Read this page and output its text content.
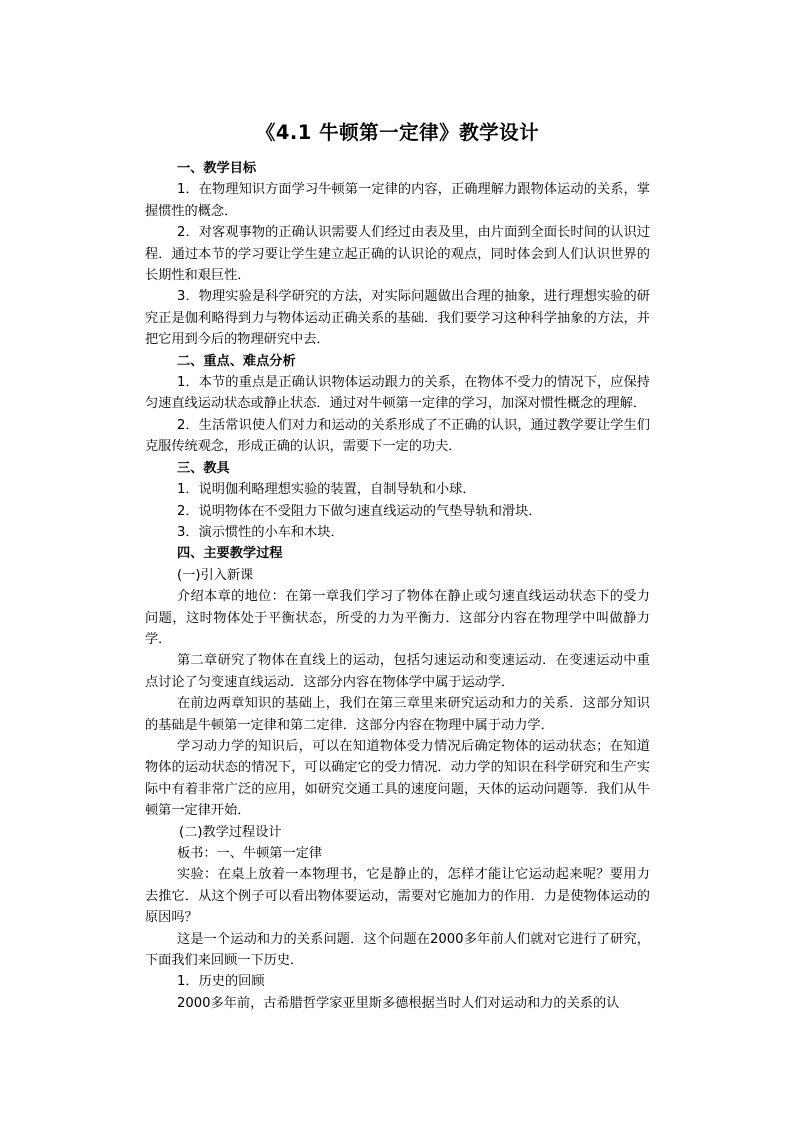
《4.1 牛顿第一定律》教学设计
一、教学目标
1．在物理知识方面学习牛顿第一定律的内容，正确理解力跟物体运动的关系，掌握惯性的概念．
2．对客观事物的正确认识需要人们经过由表及里，由片面到全面长时间的认识过程．通过本节的学习要让学生建立起正确的认识论的观点，同时体会到人们认识世界的长期性和艰巨性．
3．物理实验是科学研究的方法，对实际问题做出合理的抽象，进行理想实验的研究正是伽利略得到力与物体运动正确关系的基础．我们要学习这种科学抽象的方法，并把它用到今后的物理研究中去．
二、重点、难点分析
1．本节的重点是正确认识物体运动跟力的关系，在物体不受力的情况下，应保持匀速直线运动状态或静止状态．通过对牛顿第一定律的学习，加深对惯性概念的理解．
2．生活常识使人们对力和运动的关系形成了不正确的认识，通过教学要让学生们克服传统观念，形成正确的认识，需要下一定的功夫．
三、教具
1．说明伽利略理想实验的装置，自制导轨和小球．
2．说明物体在不受阻力下做匀速直线运动的气垫导轨和滑块．
3．演示惯性的小车和木块．
四、主要教学过程
(一)引入新课
介绍本章的地位：在第一章我们学习了物体在静止或匀速直线运动状态下的受力问题，这时物体处于平衡状态，所受的力为平衡力．这部分内容在物理学中叫做静力学．
第二章研究了物体在直线上的运动，包括匀速运动和变速运动．在变速运动中重点讨论了匀变速直线运动．这部分内容在物体学中属于运动学．
在前边两章知识的基础上，我们在第三章里来研究运动和力的关系．这部分知识的基础是牛顿第一定律和第二定律．这部分内容在物理中属于动力学．
学习动力学的知识后，可以在知道物体受力情况后确定物体的运动状态；在知道物体的运动状态的情况下，可以确定它的受力情况．动力学的知识在科学研究和生产实际中有着非常广泛的应用，如研究交通工具的速度问题，天体的运动问题等．我们从牛顿第一定律开始．
(二)教学过程设计
板书：一、牛顿第一定律
实验：在桌上放着一本物理书，它是静止的，怎样才能让它运动起来呢？要用力去推它．从这个例子可以看出物体要运动，需要对它施加力的作用．力是使物体运动的原因吗？
这是一个运动和力的关系问题．这个问题在2000多年前人们就对它进行了研究，下面我们来回顾一下历史．
1．历史的回顾
2000多年前，古希腊哲学家亚里斯多德根据当时人们对运动和力的关系的认
